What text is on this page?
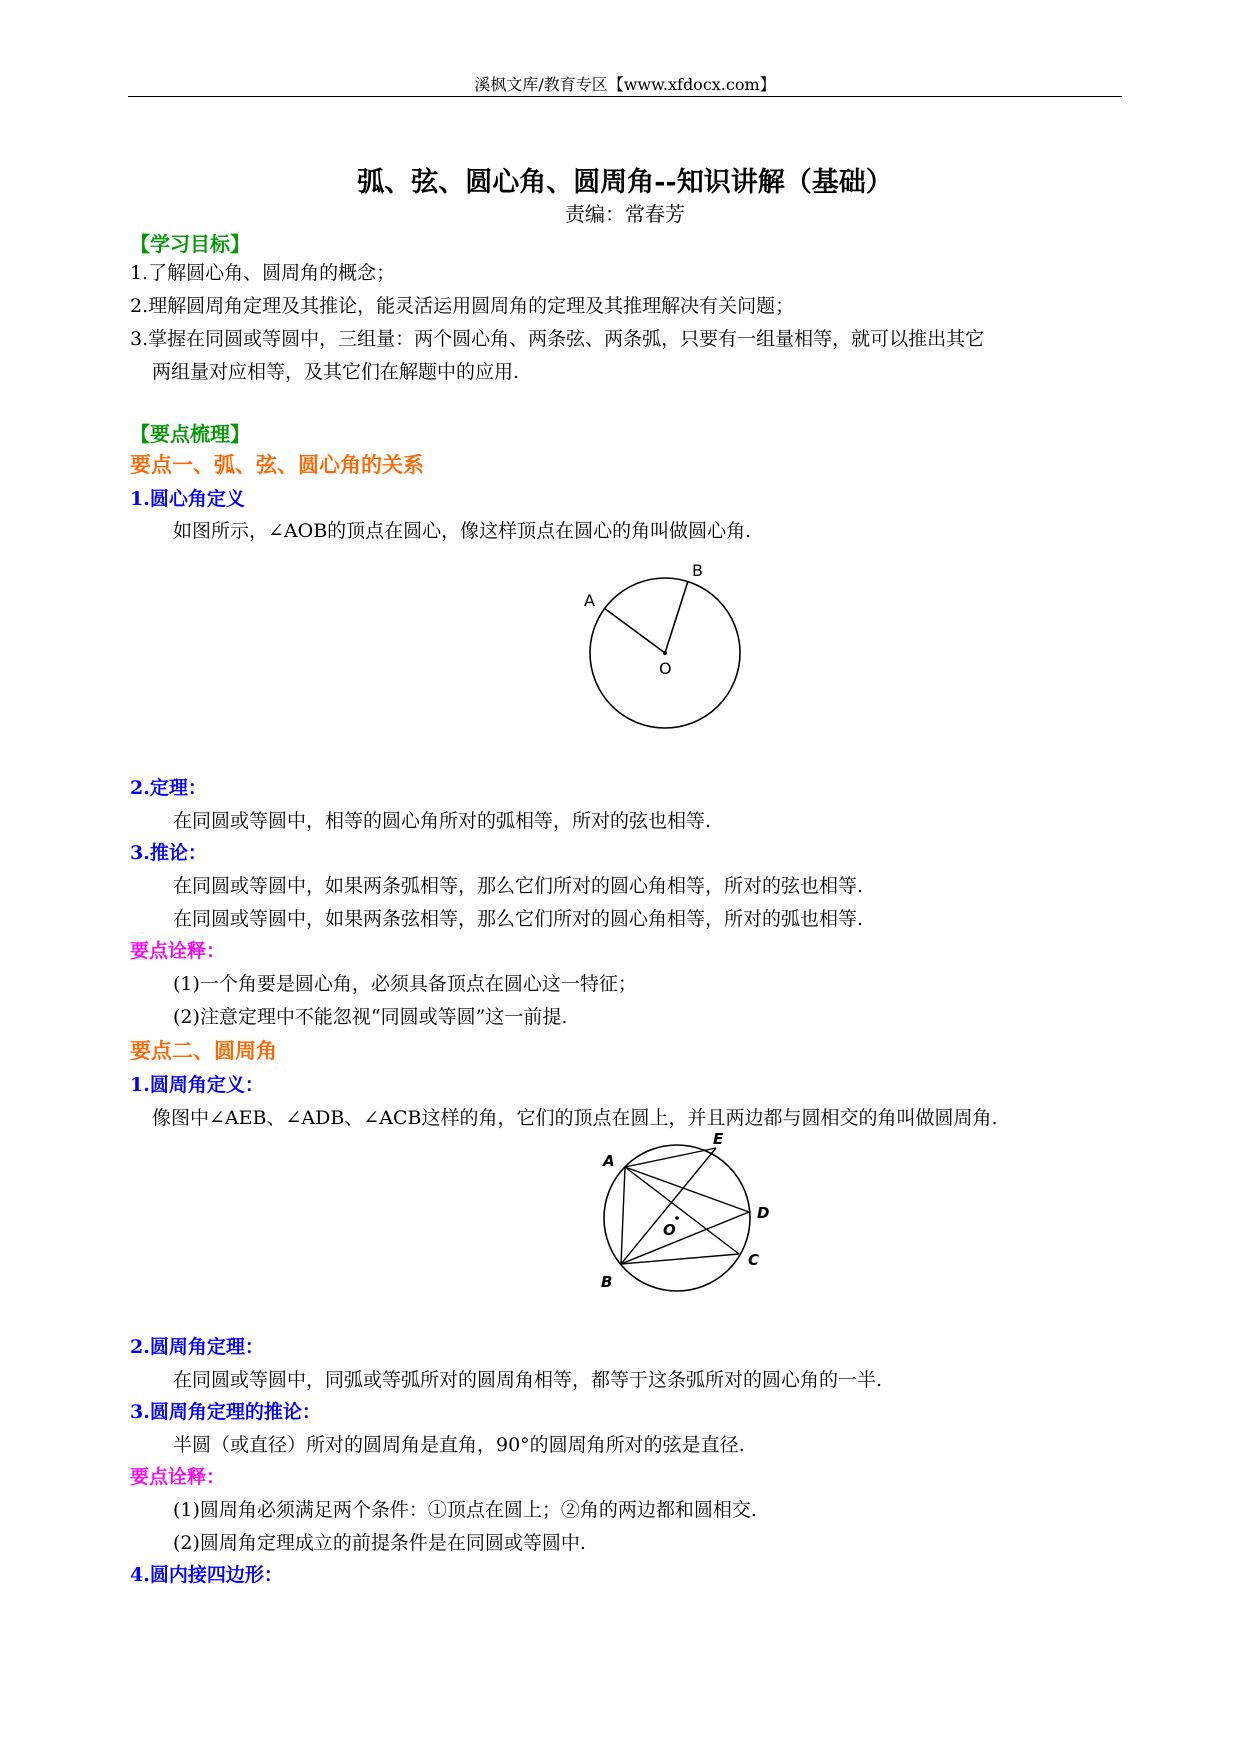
溪枫文库/教育专区【www.xfdocx.com】
弧、弦、圆心角、圆周角--知识讲解（基础）
责编：常春芳
【学习目标】
1.了解圆心角、圆周角的概念；
2.理解圆周角定理及其推论，能灵活运用圆周角的定理及其推理解决有关问题；
3.掌握在同圆或等圆中，三组量：两个圆心角、两条弦、两条弧，只要有一组量相等，就可以推出其它
两组量对应相等，及其它们在解题中的应用.
【要点梳理】
要点一、弧、弦、圆心角的关系
1.圆心角定义
如图所示，∠AOB的顶点在圆心，像这样顶点在圆心的角叫做圆心角.
A
B
O
2.定理：
在同圆或等圆中，相等的圆心角所对的弧相等，所对的弦也相等.
3.推论：
在同圆或等圆中，如果两条弧相等，那么它们所对的圆心角相等，所对的弦也相等.
在同圆或等圆中，如果两条弦相等，那么它们所对的圆心角相等，所对的弧也相等.
要点诠释：
(1)一个角要是圆心角，必须具备顶点在圆心这一特征；
(2)注意定理中不能忽视“同圆或等圆”这一前提.
要点二、圆周角
1.圆周角定义：
像图中∠AEB、∠ADB、∠ACB这样的角，它们的顶点在圆上，并且两边都与圆相交的角叫做圆周角.
A
E
D
C
B
O
2.圆周角定理：
在同圆或等圆中，同弧或等弧所对的圆周角相等，都等于这条弧所对的圆心角的一半.
3.圆周角定理的推论：
半圆（或直径）所对的圆周角是直角，90°的圆周角所对的弦是直径.
要点诠释：
(1)圆周角必须满足两个条件：①顶点在圆上；②角的两边都和圆相交.
(2)圆周角定理成立的前提条件是在同圆或等圆中.
4.圆内接四边形：
